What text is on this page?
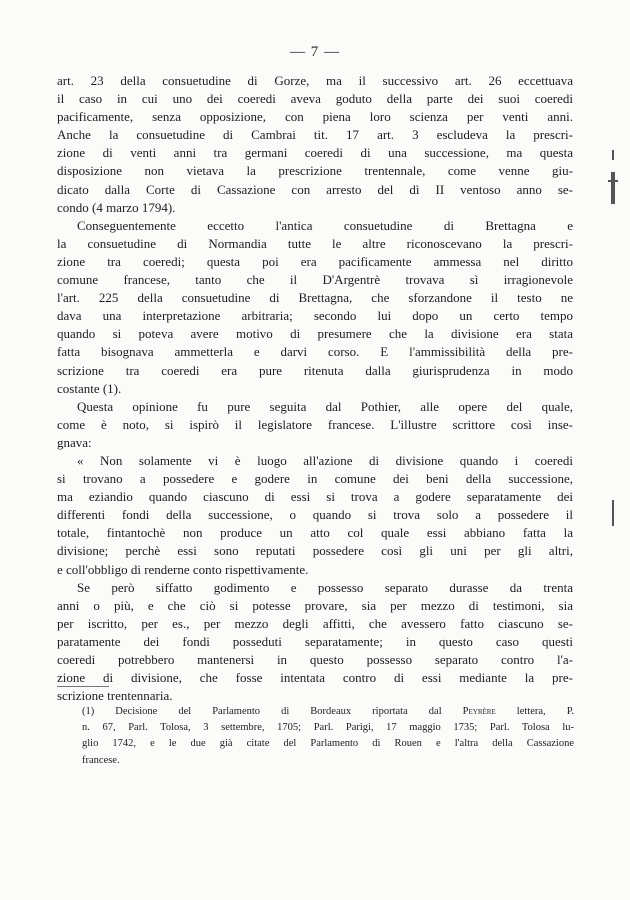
— 7 —

art. 23 della consuetudine di Gorze, ma il successivo art. 26 eccettuava
il caso in cui uno dei coeredi aveva goduto della parte dei suoi coeredi
pacificamente, senza opposizione, con piena loro scienza per venti anni.
Anche la consuetudine di Cambrai tit. 17 art. 3 escludeva la prescri-
zione di venti anni tra germani coeredi di una successione, ma questa
disposizione non vietava la prescrizione trentennale, come venne giu-
dicato dalla Corte di Cassazione con arresto del dì II ventoso anno se-
condo (4 marzo 1794).

Conseguentemente eccetto l'antica consuetudine di Brettagna e
la consuetudine di Normandia tutte le altre riconoscevano la prescri-
zione tra coeredi; questa poi era pacificamente ammessa nel diritto
comune francese, tanto che il D'Argentrè trovava sì irragionevole
l'art. 225 della consuetudine di Brettagna, che sforzandone il testo ne
dava una interpretazione arbitraria; secondo lui dopo un certo tempo
quando si poteva avere motivo di presumere che la divisione era stata
fatta bisognava ammetterla e darvi corso. E l'ammissibilità della pre-
scrizione tra coeredi era pure ritenuta dalla giurisprudenza in modo
costante (1).

Questa opinione fu pure seguita dal Pothier, alle opere del quale,
come è noto, si ispirò il legislatore francese. L'illustre scrittore così inse-
gnava:

« Non solamente vi è luogo all'azione di divisione quando i coeredi
si trovano a possedere e godere in comune dei beni della successione,
ma eziandio quando ciascuno di essi si trova a godere separatamente dei
differenti fondi della successione, o quando si trova solo a possedere il
totale, fintantochè non produce un atto col quale essi abbiano fatta la
divisione; perchè essi sono reputati possedere così gli uni per gli altri,
e coll'obbligo di renderne conto rispettivamente.

Se però siffatto godimento e possesso separato durasse da trenta
anni o più, e che ciò si potesse provare, sia per mezzo di testimoni, sia
per iscritto, per es., per mezzo degli affitti, che avessero fatto ciascuno se-
paratamente dei fondi posseduti separatamente; in questo caso questi
coeredi potrebbero mantenersi in questo possesso separato contro l'a-
zione di divisione, che fosse intentata contro di essi mediante la pre-
scrizione trentennaria.

(1) Decisione del Parlamento di Bordeaux riportata dal Peyrère lettera, P.
n. 67, Parl. Tolosa, 3 settembre, 1705; Parl. Parigi, 17 maggio 1735; Parl. Tolosa lu-
glio 1742, e le due già citate del Parlamento di Rouen e l'altra della Cassazione
francese.
